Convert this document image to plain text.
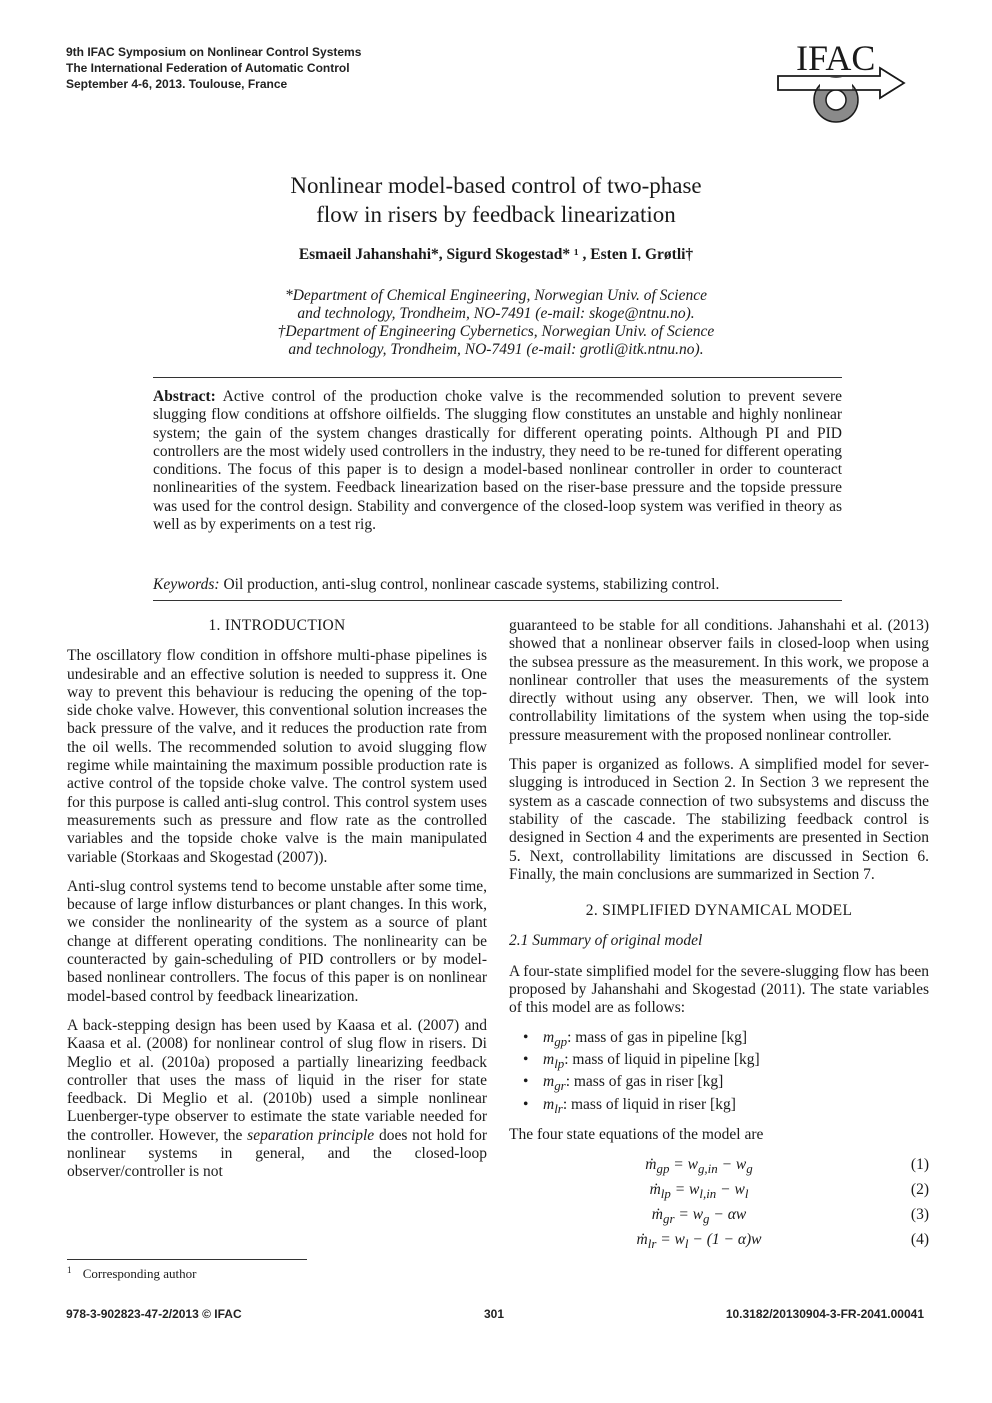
9th IFAC Symposium on Nonlinear Control Systems
The International Federation of Automatic Control
September 4-6, 2013. Toulouse, France
IFAC
Nonlinear model-based control of two-phase
flow in risers by feedback linearization
Esmaeil Jahanshahi*, Sigurd Skogestad* ¹ , Esten I. Grøtli†
*Department of Chemical Engineering, Norwegian Univ. of Science
and technology, Trondheim, NO-7491 (e-mail: skoge@ntnu.no).
†Department of Engineering Cybernetics, Norwegian Univ. of Science
and technology, Trondheim, NO-7491 (e-mail: grotli@itk.ntnu.no).
Abstract: Active control of the production choke valve is the recommended solution to prevent severe slugging flow conditions at offshore oilfields. The slugging flow constitutes an unstable and highly nonlinear system; the gain of the system changes drastically for different operating points. Although PI and PID controllers are the most widely used controllers in the industry, they need to be re-tuned for different operating conditions. The focus of this paper is to design a model-based nonlinear controller in order to counteract nonlinearities of the system. Feedback linearization based on the riser-base pressure and the topside pressure was used for the control design. Stability and convergence of the closed-loop system was verified in theory as well as by experiments on a test rig.
Keywords: Oil production, anti-slug control, nonlinear cascade systems, stabilizing control.
1. INTRODUCTION

The oscillatory flow condition in offshore multi-phase pipelines is undesirable and an effective solution is needed to suppress it. One way to prevent this behaviour is reducing the opening of the top-side choke valve. However, this conventional solution increases the back pressure of the valve, and it reduces the production rate from the oil wells. The recommended solution to avoid slugging flow regime while maintaining the maximum possible production rate is active control of the topside choke valve. The control system used for this purpose is called anti-slug control. This control system uses measurements such as pressure and flow rate as the controlled variables and the topside choke valve is the main manipulated variable (Storkaas and Skogestad (2007)).

Anti-slug control systems tend to become unstable after some time, because of large inflow disturbances or plant changes. In this work, we consider the nonlinearity of the system as a source of plant change at different operating conditions. The nonlinearity can be counteracted by gain-scheduling of PID controllers or by model-based nonlinear controllers. The focus of this paper is on nonlinear model-based control by feedback linearization.

A back-stepping design has been used by Kaasa et al. (2007) and Kaasa et al. (2008) for nonlinear control of slug flow in risers. Di Meglio et al. (2010a) proposed a partially linearizing feedback controller that uses the mass of liquid in the riser for state feedback. Di Meglio et al. (2010b) used a simple nonlinear Luenberger-type observer to estimate the state variable needed for the controller. However, the separation principle does not hold for nonlinear systems in general, and the closed-loop observer/controller is not

guaranteed to be stable for all conditions. Jahanshahi et al. (2013) showed that a nonlinear observer fails in closed-loop when using the subsea pressure as the measurement. In this work, we propose a nonlinear controller that uses the measurements of the system directly without using any observer. Then, we will look into controllability limitations of the system when using the top-side pressure measurement with the proposed nonlinear controller.

This paper is organized as follows. A simplified model for sever-slugging is introduced in Section 2. In Section 3 we represent the system as a cascade connection of two subsystems and discuss the stability of the cascade. The stabilizing feedback control is designed in Section 4 and the experiments are presented in Section 5. Next, controllability limitations are discussed in Section 6. Finally, the main conclusions are summarized in Section 7.

2. SIMPLIFIED DYNAMICAL MODEL
2.1 Summary of original model

A four-state simplified model for the severe-slugging flow has been proposed by Jahanshahi and Skogestad (2011). The state variables of this model are as follows:

• $m_{gp}$: mass of gas in pipeline [kg]
• $m_{lp}$: mass of liquid in pipeline [kg]
• $m_{gr}$: mass of gas in riser [kg]
• $m_{lr}$: mass of liquid in riser [kg]

The four state equations of the model are

ṁ$_{gp}$ = $w_{g,in} - w_g$	(1)
ṁ$_{lp}$ = $w_{l,in} - w_l$	(2)
ṁ$_{gr}$ = $w_g - \alpha w$	(3)
ṁ$_{lr}$ = $w_l - (1 - \alpha)w$	(4)
$^1$ Corresponding author
978-3-902823-47-2/2013 © IFAC	301	10.3182/20130904-3-FR-2041.00041
